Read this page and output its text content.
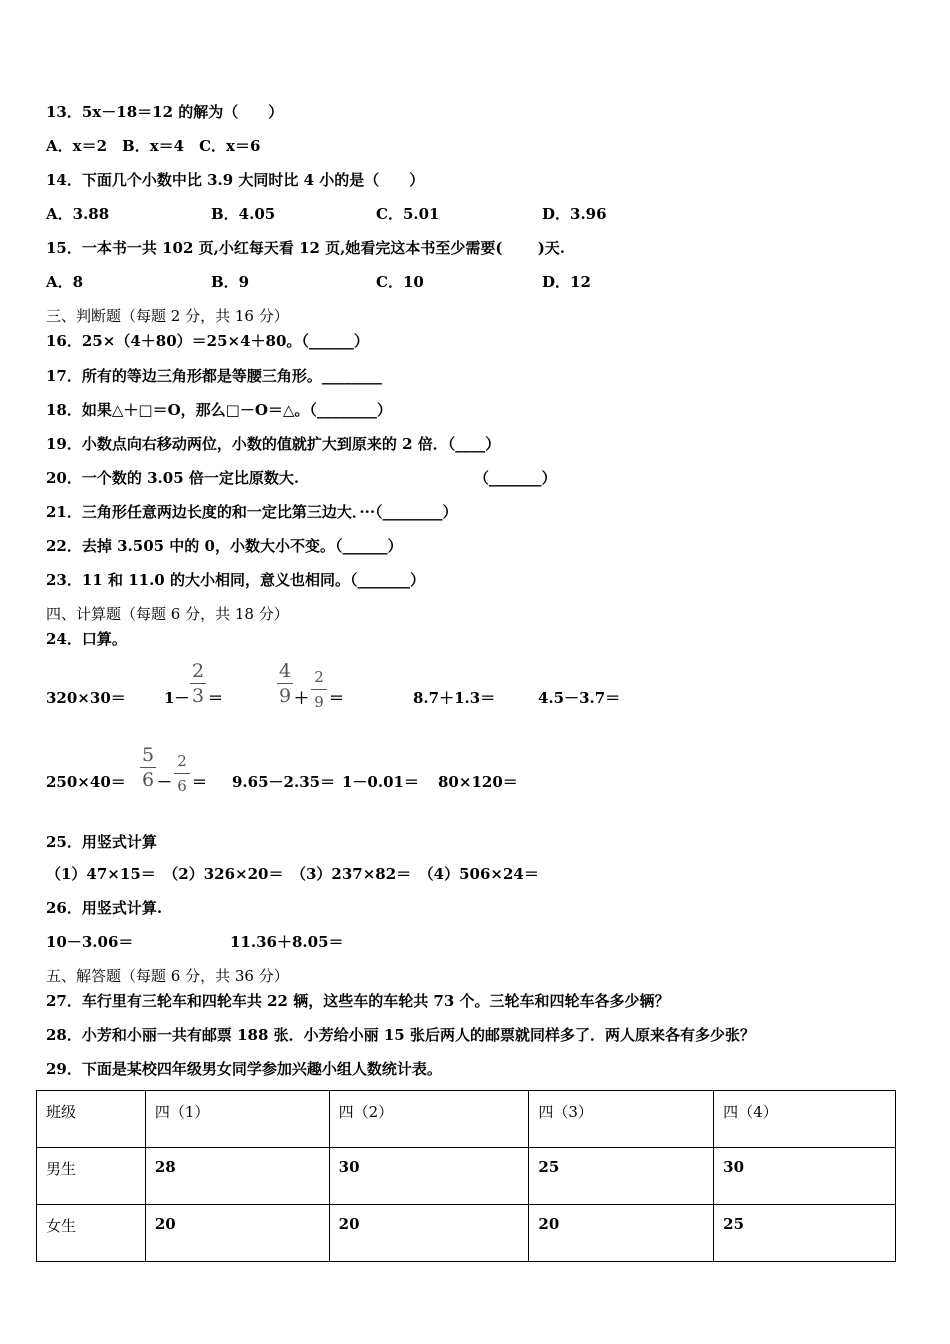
13．5x－18＝12 的解为（　　）
A．x＝2　B．x＝4　C．x＝6
14．下面几个小数中比 3.9 大同时比 4 小的是（　　）
A．3.88	B．4.05	C．5.01	D．3.96
15．一本书一共 102 页,小红每天看 12 页,她看完这本书至少需要(　　 )天.
A．8	B．9	C．10	D．12
三、判断题（每题 2 分，共 16 分）
16．25×（4＋80）＝25×4＋80。（______）
17．所有的等边三角形都是等腰三角形。________
18．如果△＋□＝O，那么□－O＝△。（________）
19．小数点向右移动两位，小数的值就扩大到原来的 2 倍．（____）
20．一个数的 3.05 倍一定比原数大.	（_______）
21．三角形任意两边长度的和一定比第三边大．···（________）
22．去掉 3.505 中的 0，小数大小不变。（______）
23．11 和 11.0 的大小相同，意义也相同。（_______）
四、计算题（每题 6 分，共 18 分）
24．口算。
320×30＝	1－
2
3 ＝
4
9 ＋
2
9 ＝	8.7＋1.3＝	4.5－3.7＝
250×40＝
5
6 －
2
6 ＝ 9.65－2.35＝ 1－0.01＝ 80×120＝
25．用竖式计算
（1）47×15＝　（2）326×20＝　（3）237×82＝　（4）506×24＝
26．用竖式计算.
10－3.06＝	11.36＋8.05＝
五、解答题（每题 6 分，共 36 分）
27．车行里有三轮车和四轮车共 22 辆，这些车的车轮共 73 个。三轮车和四轮车各多少辆？
28．小芳和小丽一共有邮票 188 张．小芳给小丽 15 张后两人的邮票就同样多了．两人原来各有多少张？
29．下面是某校四年级男女同学参加兴趣小组人数统计表。
班级	四（1）	四（2）	四（3）	四（4）
男生	28	30	25	30
女生	20	20	20	25
